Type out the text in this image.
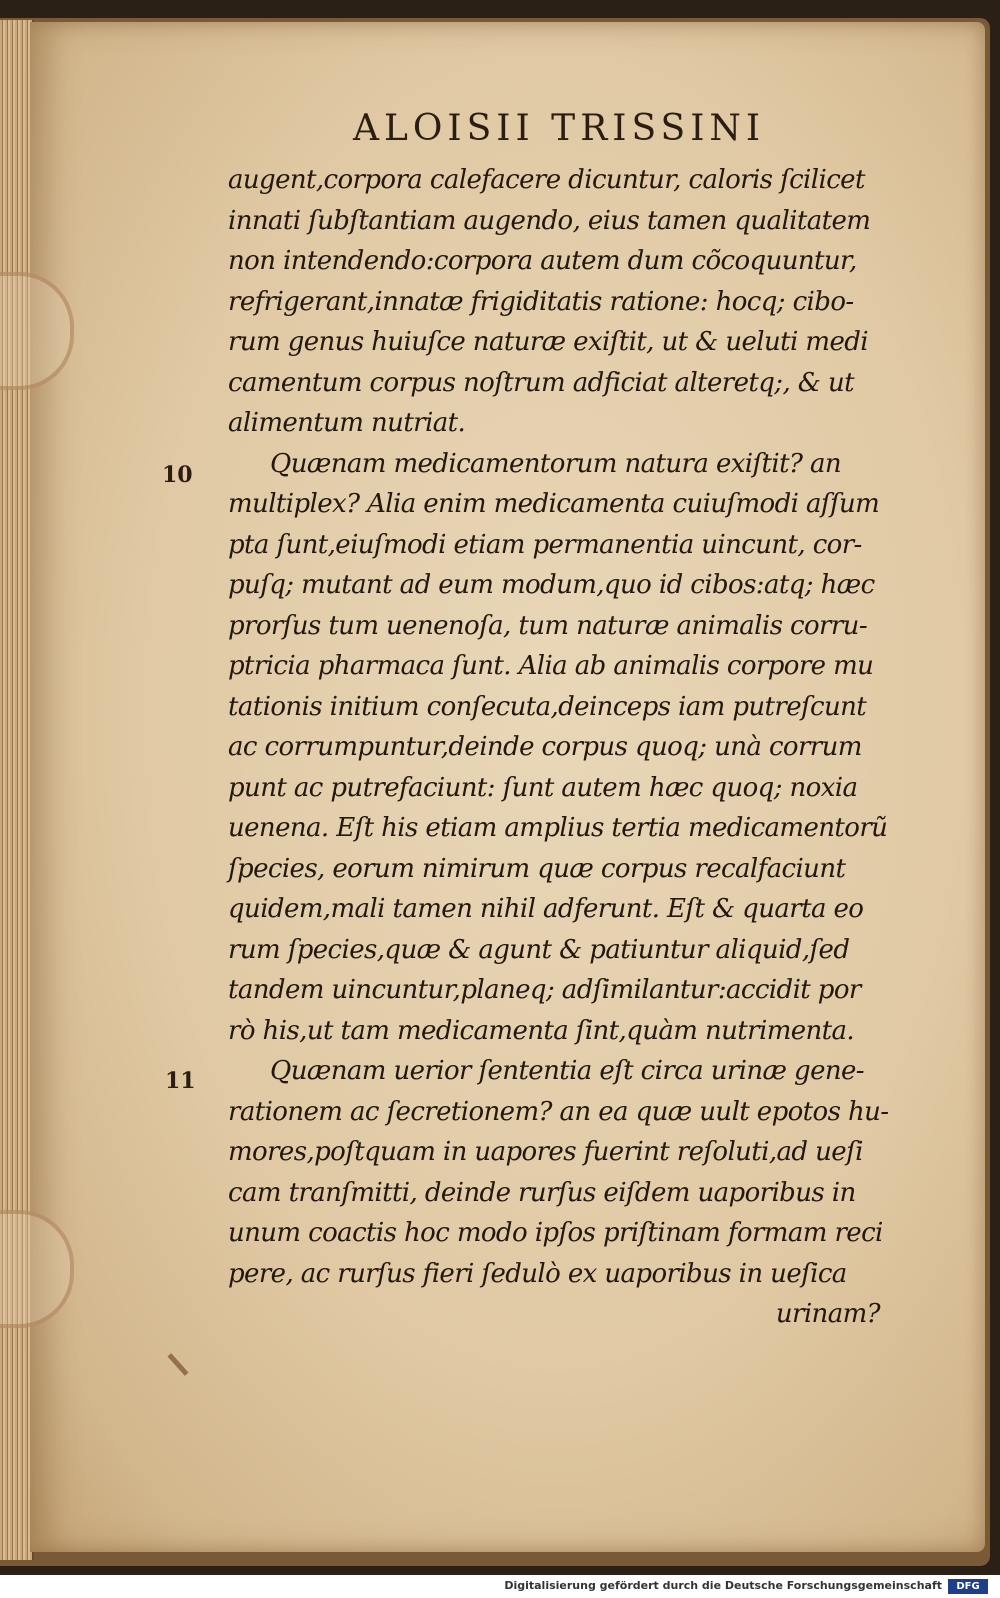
ALOISII TRISSINI
10
11
augent,corpora calefacere dicuntur, caloris ſcilicet
innati ſubſtantiam augendo, eius tamen qualitatem
non intendendo:corpora autem dum cõcoquuntur,
refrigerant,innatæ frigiditatis ratione: hocq; cibo-
rum genus huiuſce naturæ exiſtit, ut & ueluti medi
camentum corpus noſtrum adficiat alteretq;, & ut
alimentum nutriat.
Quænam medicamentorum natura exiſtit? an
multiplex? Alia enim medicamenta cuiuſmodi aſſum
pta ſunt,eiuſmodi etiam permanentia uincunt, cor-
puſq; mutant ad eum modum,quo id cibos:atq; hæc
prorſus tum uenenoſa, tum naturæ animalis corru-
ptricia pharmaca ſunt. Alia ab animalis corpore mu
tationis initium conſecuta,deinceps iam putreſcunt
ac corrumpuntur,deinde corpus quoq; unà corrum
punt ac putrefaciunt: ſunt autem hæc quoq; noxia
uenena. Eſt his etiam amplius tertia medicamentorũ
ſpecies, eorum nimirum quæ corpus recalfaciunt
quidem,mali tamen nihil adferunt. Eſt & quarta eo
rum ſpecies,quæ & agunt & patiuntur aliquid,ſed
tandem uincuntur,planeq; adſimilantur:accidit por
rò his,ut tam medicamenta ſint,quàm nutrimenta.
Quænam uerior ſententia eſt circa urinæ gene-
rationem ac ſecretionem? an ea quæ uult epotos hu-
mores,poſtquam in uapores fuerint reſoluti,ad ueſi
cam tranſmitti, deinde rurſus eiſdem uaporibus in
unum coactis hoc modo ipſos priſtinam formam reci
pere, ac rurſus fieri ſedulò ex uaporibus in ueſica
urinam?
Digitalisierung gefördert durch die Deutsche Forschungsgemeinschaft	DFG
